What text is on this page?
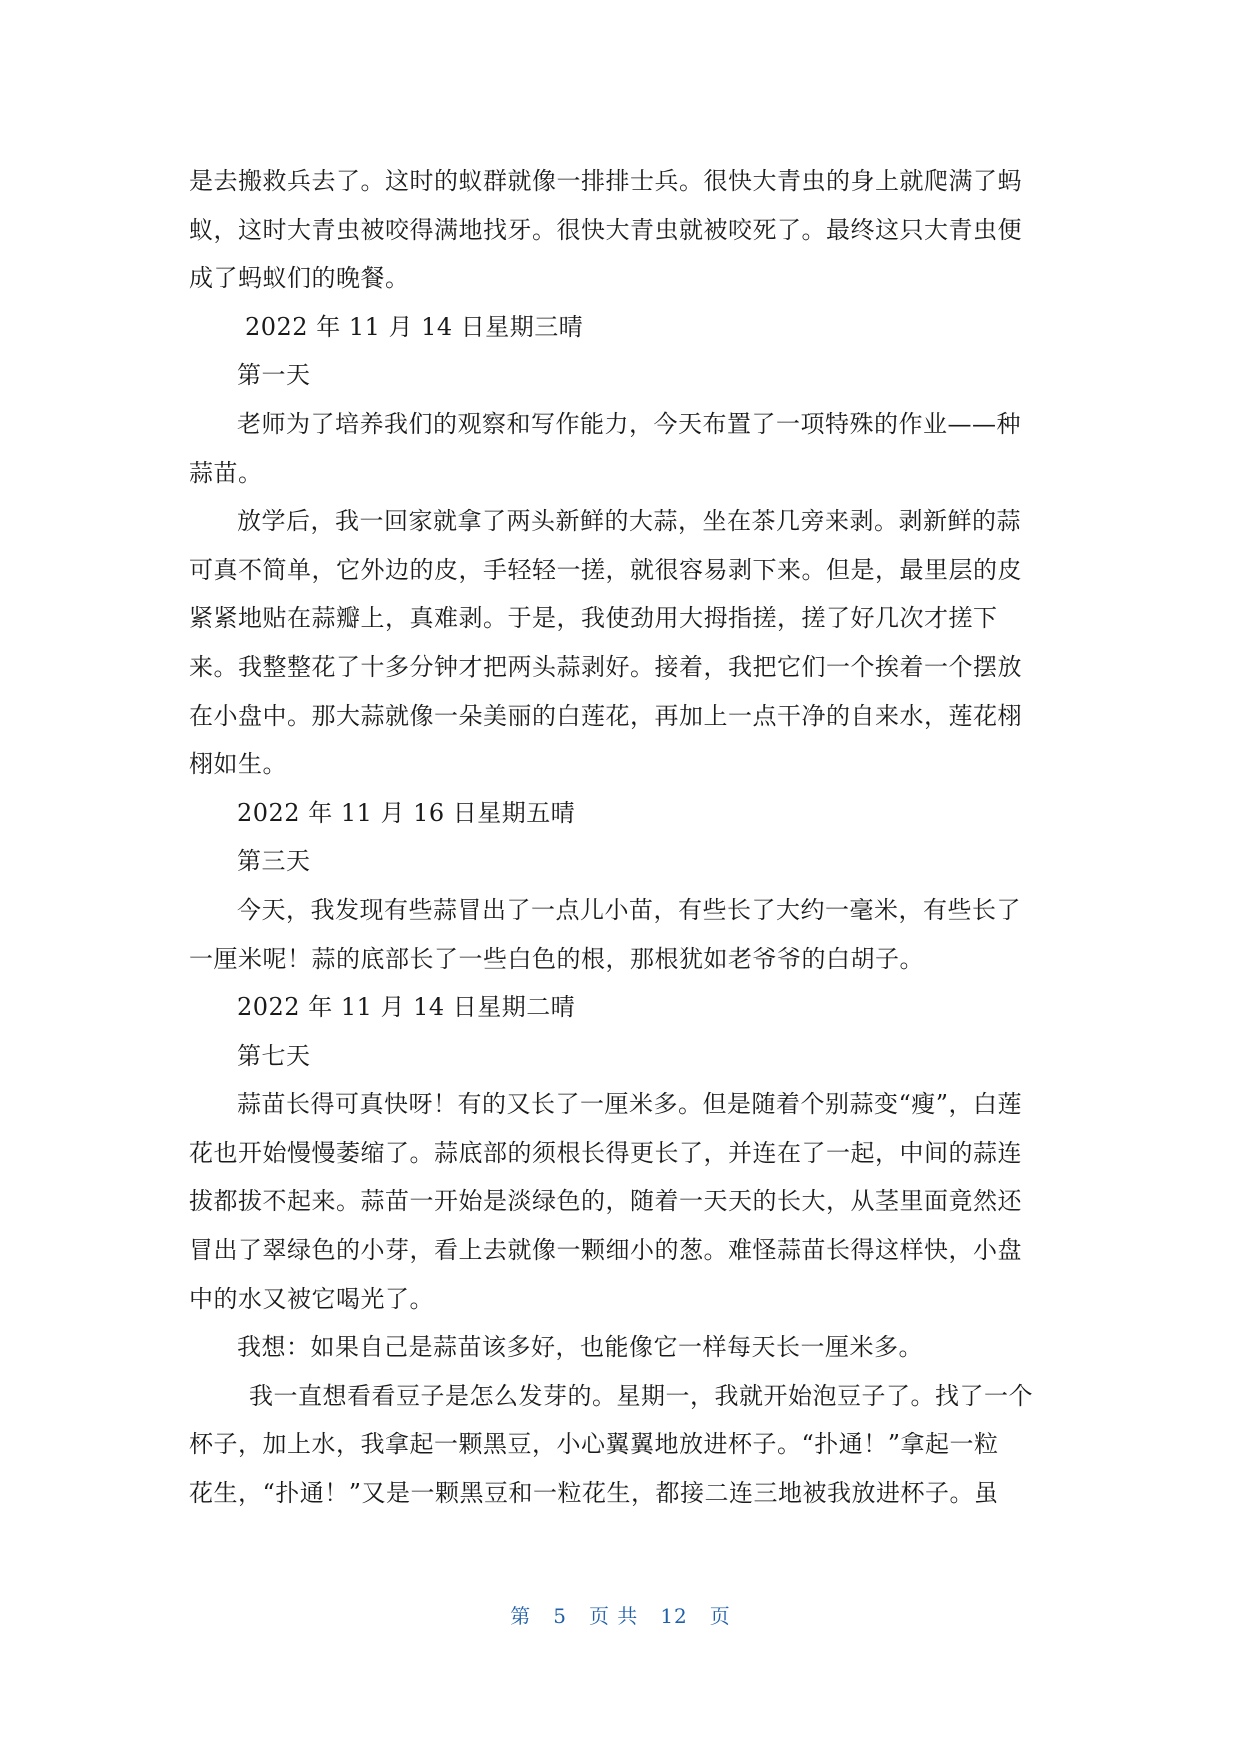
是去搬救兵去了。这时的蚁群就像一排排士兵。很快大青虫的身上就爬满了蚂
蚁，这时大青虫被咬得满地找牙。很快大青虫就被咬死了。最终这只大青虫便
成了蚂蚁们的晚餐。
2022 年 11 月 14 日星期三晴
第一天
老师为了培养我们的观察和写作能力，今天布置了一项特殊的作业——种
蒜苗。
放学后，我一回家就拿了两头新鲜的大蒜，坐在茶几旁来剥。剥新鲜的蒜
可真不简单，它外边的皮，手轻轻一搓，就很容易剥下来。但是，最里层的皮
紧紧地贴在蒜瓣上，真难剥。于是，我使劲用大拇指搓，搓了好几次才搓下
来。我整整花了十多分钟才把两头蒜剥好。接着，我把它们一个挨着一个摆放
在小盘中。那大蒜就像一朵美丽的白莲花，再加上一点干净的自来水，莲花栩
栩如生。
2022 年 11 月 16 日星期五晴
第三天
今天，我发现有些蒜冒出了一点儿小苗，有些长了大约一毫米，有些长了
一厘米呢！蒜的底部长了一些白色的根，那根犹如老爷爷的白胡子。
2022 年 11 月 14 日星期二晴
第七天
蒜苗长得可真快呀！有的又长了一厘米多。但是随着个别蒜变“瘦”，白莲
花也开始慢慢萎缩了。蒜底部的须根长得更长了，并连在了一起，中间的蒜连
拔都拔不起来。蒜苗一开始是淡绿色的，随着一天天的长大，从茎里面竟然还
冒出了翠绿色的小芽，看上去就像一颗细小的葱。难怪蒜苗长得这样快，小盘
中的水又被它喝光了。
我想：如果自己是蒜苗该多好，也能像它一样每天长一厘米多。
我一直想看看豆子是怎么发芽的。星期一，我就开始泡豆子了。找了一个
杯子，加上水，我拿起一颗黑豆，小心翼翼地放进杯子。“扑通！”拿起一粒
花生，“扑通！”又是一颗黑豆和一粒花生，都接二连三地被我放进杯子。虽
第 5 页 共 12 页
